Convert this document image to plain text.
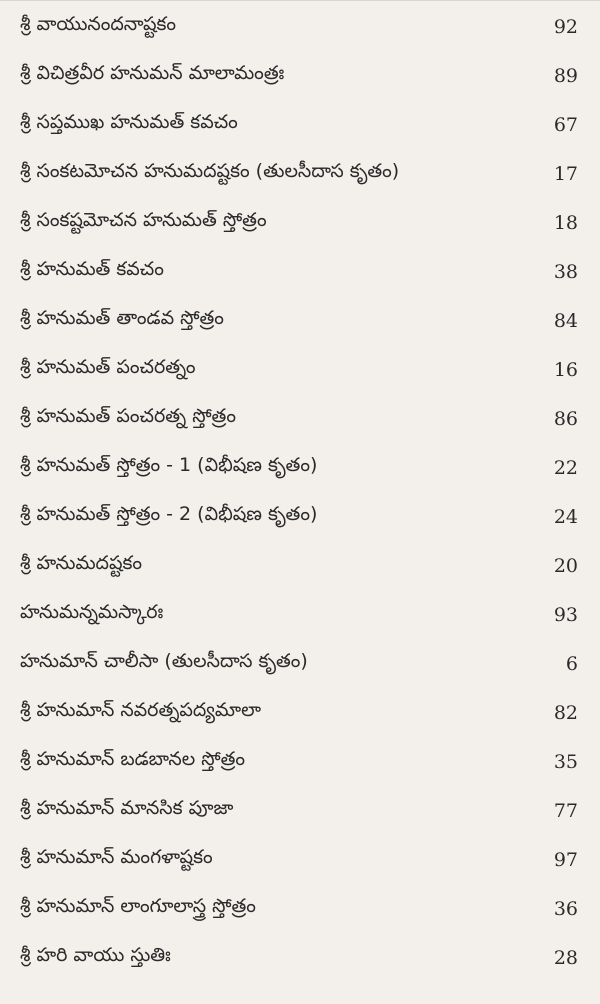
శ్రీ వాయునందనాష్టకం	92
శ్రీ విచిత్రవీర హనుమన్ మాలామంత్రః	89
శ్రీ సప్తముఖ హనుమత్ కవచం	67
శ్రీ సంకటమోచన హనుమదష్టకం (తులసీదాస కృతం)	17
శ్రీ సంకష్టమోచన హనుమత్ స్తోత్రం	18
శ్రీ హనుమత్ కవచం	38
శ్రీ హనుమత్ తాండవ స్తోత్రం	84
శ్రీ హనుమత్ పంచరత్నం	16
శ్రీ హనుమత్ పంచరత్న స్తోత్రం	86
శ్రీ హనుమత్ స్తోత్రం - 1 (విభీషణ కృతం)	22
శ్రీ హనుమత్ స్తోత్రం - 2 (విభీషణ కృతం)	24
శ్రీ హనుమదష్టకం	20
హనుమన్నమస్కారః	93
హనుమాన్ చాలీసా (తులసీదాస కృతం)	6
శ్రీ హనుమాన్ నవరత్నపద్యమాలా	82
శ్రీ హనుమాన్ బడబానల స్తోత్రం	35
శ్రీ హనుమాన్ మానసిక పూజా	77
శ్రీ హనుమాన్ మంగళాష్టకం	97
శ్రీ హనుమాన్ లాంగూలాస్త్ర స్తోత్రం	36
శ్రీ హరి వాయు స్తుతిః	28
